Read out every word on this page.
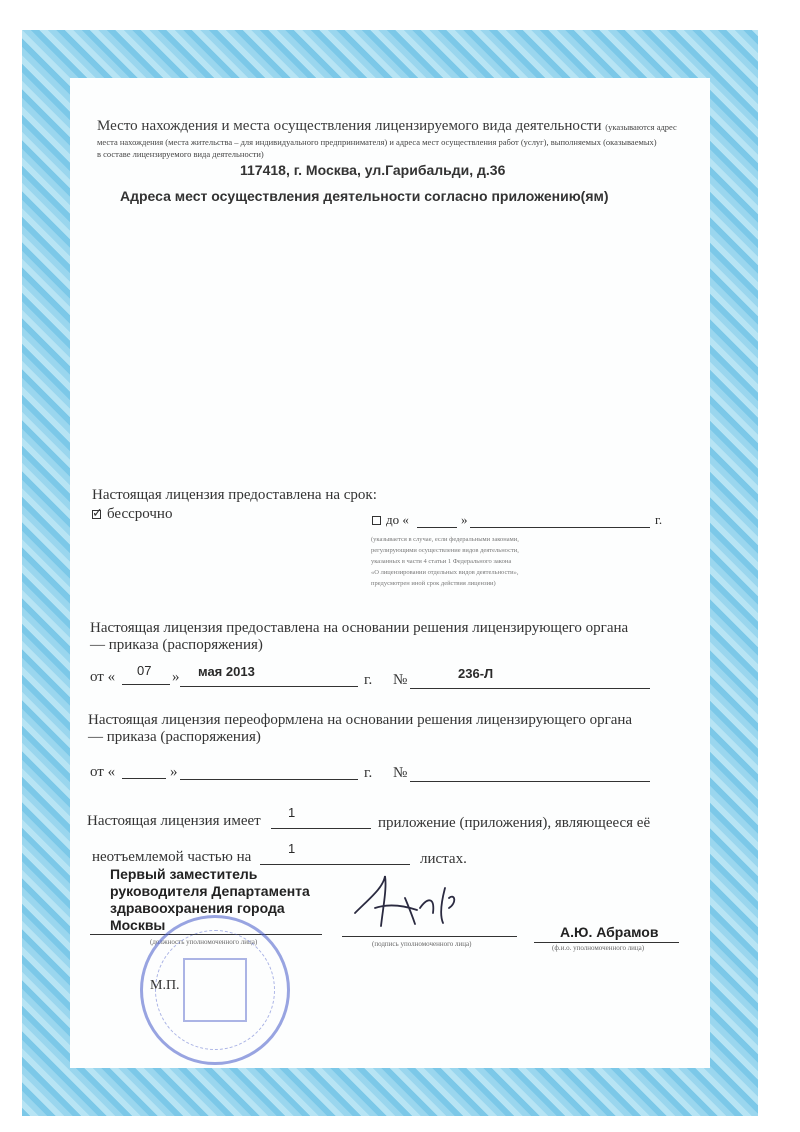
Место нахождения и места осуществления лицензируемого вида деятельности (указываются адрес
места нахождения (места жительства – для индивидуального предпринимателя) и адреса мест осуществления работ (услуг), выполняемых (оказываемых)
в составе лицензируемого вида деятельности)
117418, г. Москва, ул.Гарибальди, д.36
Адреса мест осуществления деятельности согласно приложению(ям)
Настоящая лицензия предоставлена на срок:
✓ бессрочно	до «	»	г.
(указывается в случае, если федеральными законами,
регулирующими осуществление видов деятельности,
указанных в части 4 статьи 1 Федерального закона
«О лицензировании отдельных видов деятельности»,
предусмотрен иной срок действия лицензии)
Настоящая лицензия предоставлена на основании решения лицензирующего органа
— приказа (распоряжения)
от « 07 » мая 2013
г. №	236-Л
Настоящая лицензия переоформлена на основании решения лицензирующего органа
— приказа (распоряжения)
от «	»	г. №
Настоящая лицензия имеет
1
приложение (приложения), являющееся её
неотъемлемой частью на
1
листах.
Первый заместитель
руководителя Департамента
здравоохранения города
Москвы
(должность уполномоченного лица)	(подпись уполномоченного лица)
А.Ю. Абрамов
(ф.и.о. уполномоченного лица)
М.П.
